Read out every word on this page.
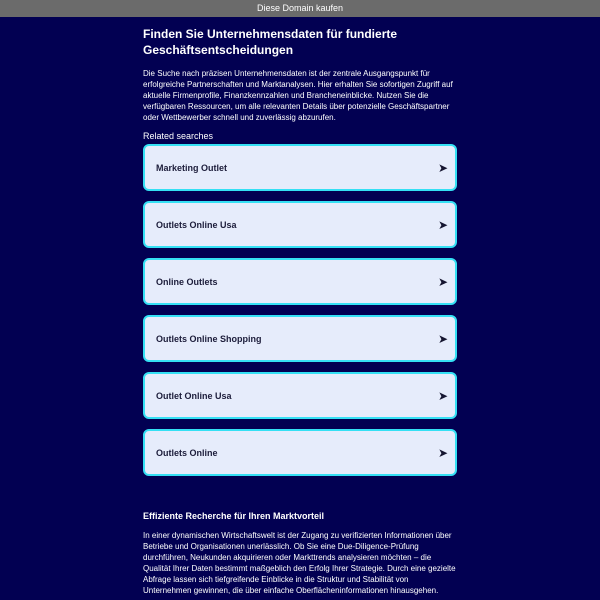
Diese Domain kaufen
Finden Sie Unternehmensdaten für fundierte Geschäftsentscheidungen

Die Suche nach präzisen Unternehmensdaten ist der zentrale Ausgangspunkt für erfolgreiche Partnerschaften und Marktanalysen. Hier erhalten Sie sofortigen Zugriff auf aktuelle Firmenprofile, Finanzkennzahlen und Brancheneinblicke. Nutzen Sie die verfügbaren Ressourcen, um alle relevanten Details über potenzielle Geschäftspartner oder Wettbewerber schnell und zuverlässig abzurufen.

Related searches
Marketing Outlet	➤
Outlets Online Usa	➤
Online Outlets	➤
Outlets Online Shopping	➤
Outlet Online Usa	➤
Outlets Online	➤
Effiziente Recherche für Ihren Marktvorteil

In einer dynamischen Wirtschaftswelt ist der Zugang zu verifizierten Informationen über Betriebe und Organisationen unerlässlich. Ob Sie eine Due-Diligence-Prüfung durchführen, Neukunden akquirieren oder Markttrends analysieren möchten – die Qualität Ihrer Daten bestimmt maßgeblich den Erfolg Ihrer Strategie. Durch eine gezielte Abfrage lassen sich tiefgreifende Einblicke in die Struktur und Stabilität von Unternehmen gewinnen, die über einfache Oberflächeninformationen hinausgehen.
